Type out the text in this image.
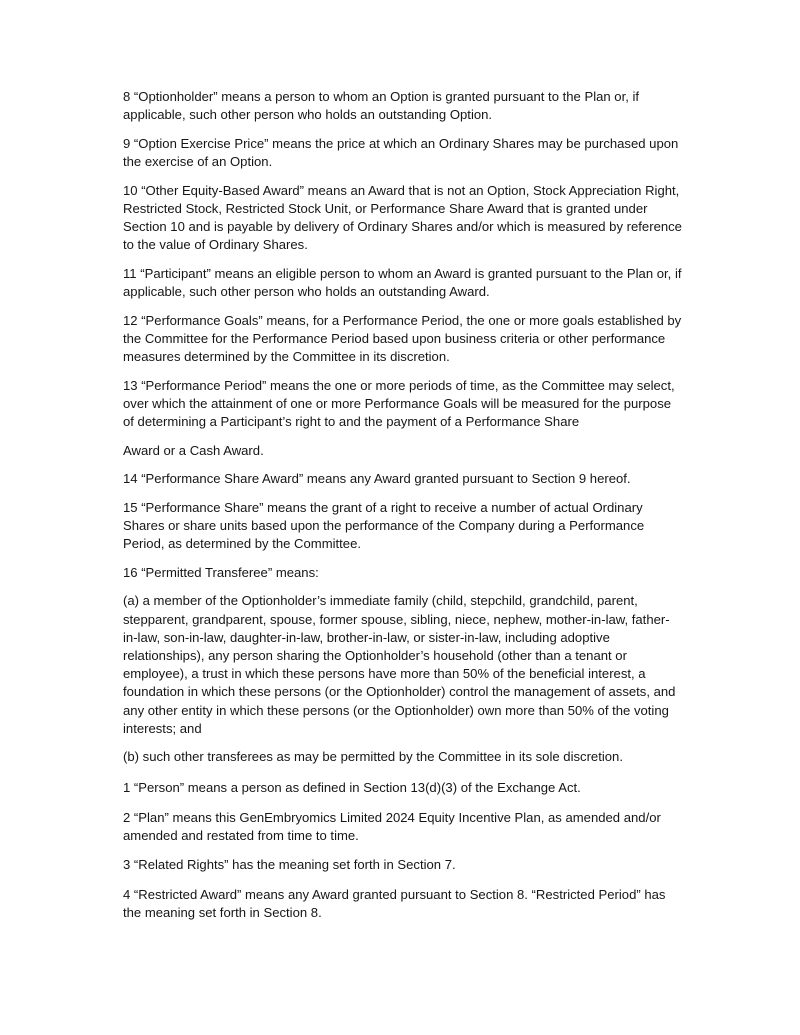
8 “Optionholder” means a person to whom an Option is granted pursuant to the Plan or, if applicable, such other person who holds an outstanding Option.

9 “Option Exercise Price” means the price at which an Ordinary Shares may be purchased upon the exercise of an Option.

10 “Other Equity-Based Award” means an Award that is not an Option, Stock Appreciation Right, Restricted Stock, Restricted Stock Unit, or Performance Share Award that is granted under Section 10 and is payable by delivery of Ordinary Shares and/or which is measured by reference to the value of Ordinary Shares.

11 “Participant” means an eligible person to whom an Award is granted pursuant to the Plan or, if applicable, such other person who holds an outstanding Award.

12 “Performance Goals” means, for a Performance Period, the one or more goals established by the Committee for the Performance Period based upon business criteria or other performance measures determined by the Committee in its discretion.

13 “Performance Period” means the one or more periods of time, as the Committee may select, over which the attainment of one or more Performance Goals will be measured for the purpose of determining a Participant’s right to and the payment of a Performance Share

Award or a Cash Award.

14 “Performance Share Award” means any Award granted pursuant to Section 9 hereof.

15 “Performance Share” means the grant of a right to receive a number of actual Ordinary Shares or share units based upon the performance of the Company during a Performance Period, as determined by the Committee.

16 “Permitted Transferee” means:

(a) a member of the Optionholder’s immediate family (child, stepchild, grandchild, parent, stepparent, grandparent, spouse, former spouse, sibling, niece, nephew, mother-in-law, father-in-law, son-in-law, daughter-in-law, brother-in-law, or sister-in-law, including adoptive relationships), any person sharing the Optionholder’s household (other than a tenant or employee), a trust in which these persons have more than 50% of the beneficial interest, a foundation in which these persons (or the Optionholder) control the management of assets, and any other entity in which these persons (or the Optionholder) own more than 50% of the voting interests; and

(b) such other transferees as may be permitted by the Committee in its sole discretion.

1 “Person” means a person as defined in Section 13(d)(3) of the Exchange Act.

2 “Plan” means this GenEmbryomics Limited 2024 Equity Incentive Plan, as amended and/or amended and restated from time to time.

3 “Related Rights” has the meaning set forth in Section 7.

4 “Restricted Award” means any Award granted pursuant to Section 8. “Restricted Period” has the meaning set forth in Section 8.
